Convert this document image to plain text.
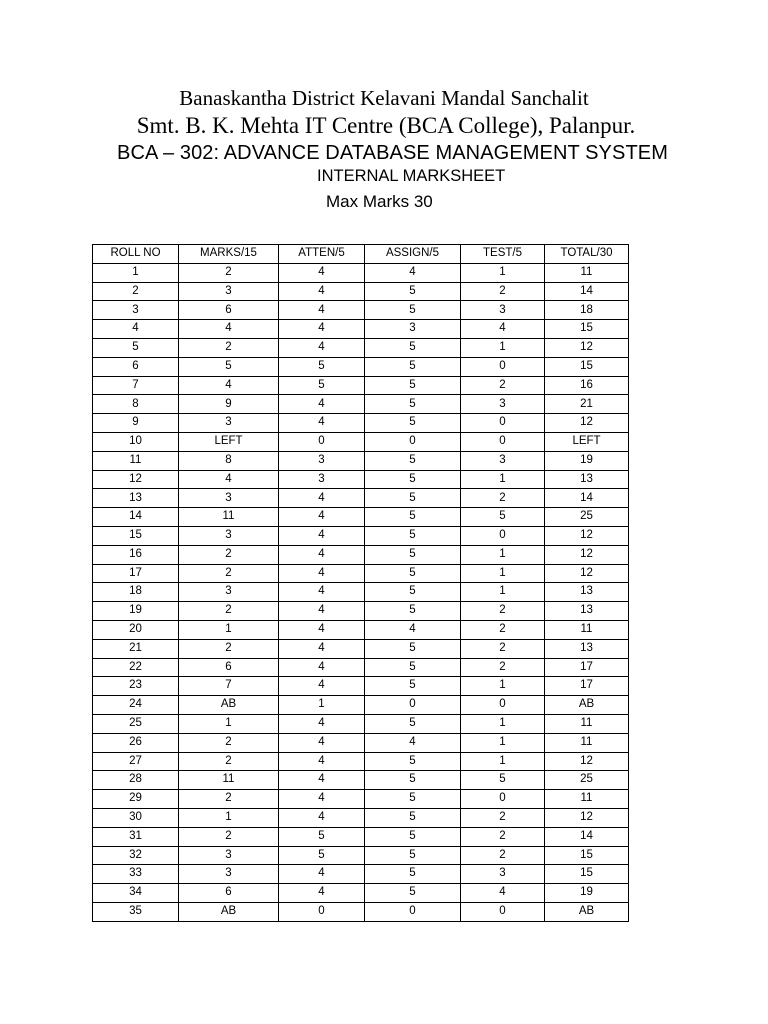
Banaskantha District Kelavani Mandal Sanchalit

Smt. B. K. Mehta IT Centre (BCA College), Palanpur.

BCA – 302: ADVANCE DATABASE MANAGEMENT SYSTEM

INTERNAL MARKSHEET

Max Marks 30

ROLL NO	MARKS/15	ATTEN/5	ASSIGN/5	TEST/5	TOTAL/30
1	2	4	4	1	11
2	3	4	5	2	14
3	6	4	5	3	18
4	4	4	3	4	15
5	2	4	5	1	12
6	5	5	5	0	15
7	4	5	5	2	16
8	9	4	5	3	21
9	3	4	5	0	12
10	LEFT	0	0	0	LEFT
11	8	3	5	3	19
12	4	3	5	1	13
13	3	4	5	2	14
14	11	4	5	5	25
15	3	4	5	0	12
16	2	4	5	1	12
17	2	4	5	1	12
18	3	4	5	1	13
19	2	4	5	2	13
20	1	4	4	2	11
21	2	4	5	2	13
22	6	4	5	2	17
23	7	4	5	1	17
24	AB	1	0	0	AB
25	1	4	5	1	11
26	2	4	4	1	11
27	2	4	5	1	12
28	11	4	5	5	25
29	2	4	5	0	11
30	1	4	5	2	12
31	2	5	5	2	14
32	3	5	5	2	15
33	3	4	5	3	15
34	6	4	5	4	19
35	AB	0	0	0	AB
